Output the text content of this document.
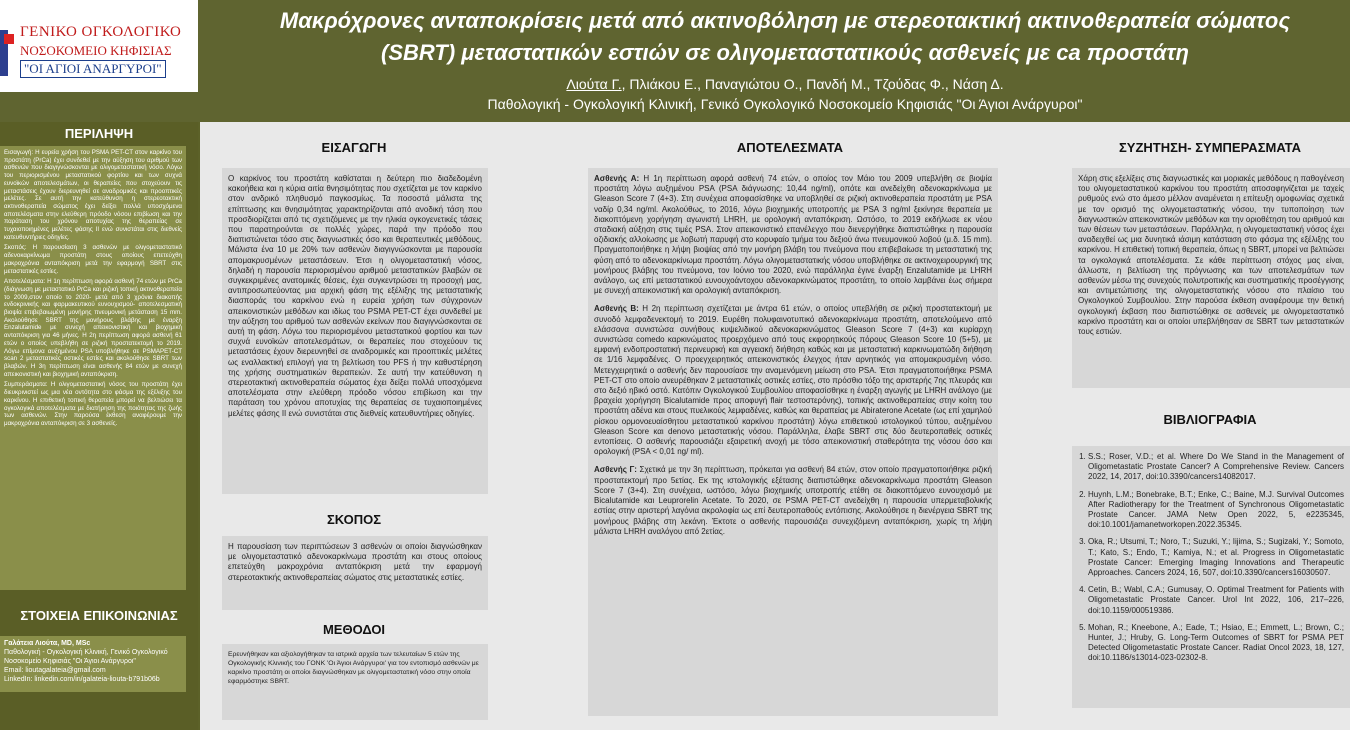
ΓΕΝΙΚΟ ΟΓΚΟΛΟΓΙΚΟ
ΝΟΣΟΚΟΜΕΙΟ ΚΗΦΙΣΙΑΣ
"ΟΙ ΑΓΙΟΙ ΑΝΑΡΓΥΡΟΙ"
Μακρόχρονες ανταποκρίσεις μετά από ακτινοβόληση με στερεοτακτική ακτινοθεραπεία σώματος
(SBRT) μεταστατικών εστιών σε ολιγομεταστατικούς ασθενείς με ca προστάτη
Λιούτα Γ., Πλιάκου Ε., Παναγιώτου Ο., Πανδή Μ., Τζούδας Φ., Νάση Δ.
Παθολογική - Ογκολογική Κλινική, Γενικό Ογκολογικό Νοσοκομείο Κηφισιάς "Οι Άγιοι Ανάργυροι"
ΠΕΡΙΛΗΨΗ

Εισαγωγή: Η ευρεία χρήση του PSMA PET-CT στον καρκίνο του προστάτη (PrCa) έχει συνδεθεί με την αύξηση του αριθμού των ασθενών που διαγιγνώσκονται με ολιγομεταστατική νόσο. Λόγω του περιορισμένου μεταστατικού φορτίου και των συχνά ευνοϊκών αποτελεσμάτων, οι θεραπείες που στοχεύουν τις μεταστάσεις έχουν διερευνηθεί σε αναδρομικές και προοπτικές μελέτες. Σε αυτή την κατεύθυνση η στερεοτακτική ακτινοθεραπεία σώματος έχει δείξει πολλά υποσχόμενα αποτελέσματα στην ελεύθερη πρόοδο νόσου επιβίωση και την παράταση του χρόνου αποτυχίας της θεραπείας σε τυχαιοποιημένες μελέτες φάσης II ενώ συνιστάται στις διεθνείς κατευθυντήριες οδηγίες.

Σκοπός: Η παρουσίαση 3 ασθενών με ολιγομεταστατικό αδενοκαρκίνωμα προστάτη στους οποίους επετεύχθη μακροχρόνια ανταπόκριση μετά την εφαρμογή SBRT στις μεταστατικές εστίες.

Αποτελέσματα: Η 1η περίπτωση αφορά ασθενή 74 ετών με PrCa (διάγνωση με μεταστατικό PrCa και ριζική τοπική ακτινοθεραπεία το 2009,στον οποίο το 2020- μετά από 3 χρόνια διακοπής ενδοκρινικής και φαρμακευτικού ευνουχισμού- αποτελεσματική βιοψία επιβεβαιωμένη μονήρης πνευμονική μετάσταση 15 mm. Ακολούθησε SBRT της μονήρους βλάβης με έναρξη Enzalutamide με συνεχή απεικονιστική και βιοχημική ανταπόκριση για 46 μήνες. Η 2η περίπτωση αφορά ασθενή 61 ετών ο οποίος υπεβλήθη σε ριζική προστατεκτομή το 2019. Λόγω επίμονα αυξημένου PSA υποβλήθηκε σε PSMAPET-CT scan 2 μεταστατικές οστικές εστίες και ακολούθησε SBRT των βλαβών. Η 3η περίπτωση είναι ασθενής 84 ετών με συνεχή απεικονιστική και βιοχημική ανταπόκριση.

Συμπεράσματα: Η ολιγομεταστατική νόσος του προστάτη έχει διευκρινιστεί ως μια νέα οντότητα στο φάσμα της εξέλιξης του καρκίνου. Η επιθετική τοπική θεραπεία μπορεί να βελτιώσει τα ογκολογικά αποτελέσματα με διατήρηση της ποιότητας της ζωής των ασθενών. Στην παρούσα έκθεση αναφέρουμε την μακροχρόνια ανταπόκριση σε 3 ασθενείς.

ΣΤΟΙΧΕΙΑ ΕΠΙΚΟΙΝΩΝΙΑΣ
Γαλάτεια Λιούτα, MD, MSc
Παθολογική - Ογκολογική Κλινική, Γενικό Ογκολογικό Νοσοκομείο Κηφισιάς "Οι Άγιοι Ανάργυροι"
Email: lioutagalateia@gmail.com
LinkedIn: linkedin.com/in/galateia-liouta-b791b06b
ΕΙΣΑΓΩΓΗ
Ο καρκίνος του προστάτη καθίσταται η δεύτερη πιο διαδεδομένη κακοήθεια και η κύρια αιτία θνησιμότητας που σχετίζεται με τον καρκίνο στον ανδρικό πληθυσμό παγκοσμίως. Τα ποσοστά μάλιστα της επίπτωσης και θνησιμότητας χαρακτηρίζονται από ανοδική τάση που προσδιορίζεται από τις σχετιζόμενες με την ηλικία ογκογενετικές τάσεις που παρατηρούνται σε πολλές χώρες, παρά την πρόοδο που διαπιστώνεται τόσο στις διαγνωστικές όσο και θεραπευτικές μεθόδους. Μάλιστα ένα 10 με 20% των ασθενών διαγιγνώσκονται με παρουσία απομακρυσμένων μεταστάσεων. Έτσι η ολιγομεταστατική νόσος, δηλαδή η παρουσία περιορισμένου αριθμού μεταστατικών βλαβών σε συγκεκριμένες ανατομικές θέσεις, έχει συγκεντρώσει τη προσοχή μας, αντιπροσωπεύοντας μια αρχική φάση της εξέλιξης της μεταστατικής διασποράς του καρκίνου ενώ η ευρεία χρήση των σύγχρονων απεικονιστικών μεθόδων και ιδίως του PSMA PET-CT έχει συνδεθεί με την αύξηση του αριθμού των ασθενών εκείνων που διαγιγνώσκονται σε αυτή τη φάση. Λόγω του περιορισμένου μεταστατικού φορτίου και των συχνά ευνοϊκών αποτελεσμάτων, οι θεραπείες που στοχεύουν τις μεταστάσεις έχουν διερευνηθεί σε αναδρομικές και προοπτικές μελέτες ως εναλλακτική επιλογή για τη βελτίωση του PFS ή την καθυστέρηση της χρήσης συστηματικών θεραπειών. Σε αυτή την κατεύθυνση η στερεοτακτική ακτινοθεραπεία σώματος έχει δείξει πολλά υποσχόμενα αποτελέσματα στην ελεύθερη πρόοδο νόσου επιβίωση και την παράταση του χρόνου αποτυχίας της θεραπείας σε τυχαιοποιημένες μελέτες φάσης II ενώ συνιστάται στις διεθνείς κατευθυντήριες οδηγίες.
ΣΚΟΠΟΣ
Η παρουσίαση των περιπτώσεων 3 ασθενών οι οποίοι διαγνώσθηκαν με ολιγομεταστατικό αδενοκαρκίνωμα προστάτη και στους οποίους επετεύχθη μακροχρόνια ανταπόκριση μετά την εφαρμογή στερεοτακτικής ακτινοθεραπείας σώματος στις μεταστατικές εστίες.
ΜΕΘΟΔΟΙ
Ερευνήθηκαν και αξιολογήθηκαν τα ιατρικά αρχεία των τελευταίων 5 ετών της Ογκολογικής Κλινικής του ΓΟΝΚ 'Οι Άγιοι Ανάργυροι' για τον εντοπισμό ασθενών με καρκίνο προστάτη οι οποίοι διαγνώσθηκαν με ολιγομεταστατική νόσο στην οποία εφαρμόστηκε SBRT.
ΑΠΟΤΕΛΕΣΜΑΤΑ

Ασθενής Α: Η 1η περίπτωση αφορά ασθενή 74 ετών, ο οποίος τον Μάιο του 2009 υπεβλήθη σε βιοψία προστάτη λόγω αυξημένου PSA (PSA διάγνωσης: 10,44 ng/ml), οπότε και ανεδείχθη αδενοκαρκίνωμα με Gleason Score 7 (4+3). Στη συνέχεια αποφασίσθηκε να υποβληθεί σε ριζική ακτινοθεραπεία προστάτη με PSA ναδίρ 0,34 ng/ml. Ακολούθως, το 2016, λόγω βιοχημικής υποτροπής με PSA 3 ng/ml ξεκίνησε θεραπεία με διακοπτόμενη χορήγηση αγωνιστή LHRH, με ορολογική ανταπόκριση. Ωστόσο, το 2019 εκδήλωσε εκ νέου σταδιακή αύξηση στις τιμές PSA. Στον απεικονιστικό επανέλεγχο που διενεργήθηκε διαπιστώθηκε η παρουσία οζιδιακής αλλοίωσης με λοβωτή παρυφή στο κορυφαίο τμήμα του δεξιού άνω πνευμονικού λοβού (μ.δ. 15 mm). Πραγματοποιήθηκε η λήψη βιοψίας από την μονήρη βλάβη του πνεύμονα που επιβεβαίωσε τη μεταστατική της φύση από το αδενοκαρκίνωμα προστάτη. Λόγω ολιγομεταστατικής νόσου υποβλήθηκε σε ακτινοχειρουργική της μονήρους βλάβης του πνεύμονα, τον Ιούνιο του 2020, ενώ παράλληλα έγινε έναρξη Enzalutamide με LHRH ανάλογο, ως επί μεταστατικού ευνουχοάντοχου αδενοκαρκινώματος προστάτη, το οποίο λαμβάνει έως σήμερα με συνεχή απεικονιστική και ορολογική ανταπόκριση.

Ασθενής Β: Η 2η περίπτωση σχετίζεται με άντρα 61 ετών, ο οποίος υπεβλήθη σε ριζική προστατεκτομή με συνοδό λεμφαδενεκτομή το 2019. Ευρέθη πολυφαινοτυπικό αδενοκαρκίνωμα προστάτη, αποτελούμενο από ελάσσονα συνιστώσα συνήθους κυψελιδικού αδενοκαρκινώματος Gleason Score 7 (4+3) και κυρίαρχη συνιστώσα comedo καρκινώματος προερχόμενο από τους εκφορητικούς πόρους Gleason Score 10 (5+5), με εμφανή ενδοπροστατική περινευρική και αγγειακή διήθηση καθώς και με μεταστατική καρκινωματώδη διήθηση σε 1/16 λεμφαδένες. Ο προεγχειρητικός απεικονιστικός έλεγχος ήταν αρνητικός για απομακρυσμένη νόσο. Μετεγχειρητικά ο ασθενής δεν παρουσίασε την αναμενόμενη μείωση στο PSA. Έτσι πραγματοποιήθηκε PSMA PET-CT στο οποίο ανευρέθηκαν 2 μεταστατικές οστικές εστίες, στο πρόσθιο τόξο της αριστερής 7ης πλευράς και στο δεξιό ηβικό οστό. Κατόπιν Ογκολογικού Συμβουλίου αποφασίσθηκε η έναρξη αγωγής με LHRH ανάλογο (με βραχεία χορήγηση Bicalutamide προς αποφυγή flair τεστοστερόνης), τοπικής ακτινοθεραπείας στην κοίτη του προστάτη αδένα και στους πυελικούς λεμφαδένες, καθώς και θεραπείας με Abiraterone Acetate (ως επί χαμηλού ρίσκου ορμονοευαίσθητου μεταστατικού καρκίνου προστάτη) λόγω επιθετικού ιστολογικού τύπου, αυξημένου Gleason Score και denovo μεταστατικής νόσου. Παράλληλα, έλαβε SBRT στις δύο δευτεροπαθείς οστικές εντοπίσεις. Ο ασθενής παρουσιάζει εξαιρετική ανοχή με τόσο απεικονιστική σταθερότητα της νόσου όσο και ορολογική (PSA < 0,01 ng/ ml).

Ασθενής Γ: Σχετικά με την 3η περίπτωση, πρόκειται για ασθενή 84 ετών, στον οποίο πραγματοποιήθηκε ριζική προστατεκτομή προ 5ετίας. Εκ της ιστολογικής εξέτασης διαπιστώθηκε αδενοκαρκίνωμα προστάτη Gleason Score 7 (3+4). Στη συνέχεια, ωστόσο, λόγω βιοχημικής υποτροπής ετέθη σε διακοπτόμενο ευνουχισμό με Bicalutamide και Leuprorelin Acetate. Το 2020, σε PSMA PET-CT ανεδείχθη η παρουσία υπερμεταβολικής εστίας στην αριστερή λαγόνια ακρολοφία ως επί δευτεροπαθούς εντόπισης. Ακολούθησε η διενέργεια SBRT της μονήρους βλάβης στη λεκάνη. Έκτοτε ο ασθενής παρουσιάζει συνεχιζόμενη ανταπόκριση, χωρίς τη λήψη μάλιστα LHRH αναλόγου από 2ετίας.

ΣΥΖΗΤΗΣΗ- ΣΥΜΠΕΡΑΣΜΑΤΑ
Χάρη στις εξελίξεις στις διαγνωστικές και μοριακές μεθόδους η παθογένεση του ολιγομεταστατικού καρκίνου του προστάτη αποσαφηνίζεται με ταχείς ρυθμούς ενώ στο άμεσο μέλλον αναμένεται η επίτευξη ομοφωνίας σχετικά με τον ορισμό της ολιγομεταστατικής νόσου, την τυποποίηση των διαγνωστικών απεικονιστικών μεθόδων και την οριοθέτηση του αριθμού και των θέσεων των μεταστάσεων. Παράλληλα, η ολιγομεταστατική νόσος έχει αναδειχθεί ως μια δυνητικά ιάσιμη κατάσταση στο φάσμα της εξέλιξης του καρκίνου. Η επιθετική τοπική θεραπεία, όπως η SBRT, μπορεί να βελτιώσει τα ογκολογικά αποτελέσματα. Σε κάθε περίπτωση στόχος μας είναι, άλλωστε, η βελτίωση της πρόγνωσης και των αποτελεσμάτων των ασθενών μέσω της συνεχούς πολυτροπικής και συστηματικής προσέγγισης και αντιμετώπισης της ολιγομεταστατικής νόσου στο πλαίσιο του Ογκολογικού Συμβουλίου. Στην παρούσα έκθεση αναφέρουμε την θετική ογκολογική έκβαση που διαπιστώθηκε σε ασθενείς με ολιγομεταστατικό καρκίνο προστάτη και οι οποίοι υπεβλήθησαν σε SBRT των μεταστατικών τους εστιών.
ΒΙΒΛΙΟΓΡΑΦΙΑ
1. S.S.; Roser, V.D.; et al. Where Do We Stand in the Management of Oligometastatic Prostate Cancer? A Comprehensive Review. Cancers 2022, 14, 2017, doi:10.3390/cancers14082017.
2. Huynh, L.M.; Bonebrake, B.T.; Enke, C.; Baine, M.J. Survival Outcomes After Radiotherapy for the Treatment of Synchronous Oligometastatic Prostate Cancer. JAMA Netw Open 2022, 5, e2235345, doi:10.1001/jamanetworkopen.2022.35345.
3. Oka, R.; Utsumi, T.; Noro, T.; Suzuki, Y.; Iijima, S.; Sugizaki, Y.; Somoto, T.; Kato, S.; Endo, T.; Kamiya, N.; et al. Progress in Oligometastatic Prostate Cancer: Emerging Imaging Innovations and Therapeutic Approaches. Cancers 2024, 16, 507, doi:10.3390/cancers16030507.
4. Cetin, B.; Wabl, C.A.; Gumusay, O. Optimal Treatment for Patients with Oligometastatic Prostate Cancer. Urol Int 2022, 106, 217–226, doi:10.1159/000519386.
5. Mohan, R.; Kneebone, A.; Eade, T.; Hsiao, E.; Emmett, L.; Brown, C.; Hunter, J.; Hruby, G. Long-Term Outcomes of SBRT for PSMA PET Detected Oligometastatic Prostate Cancer. Radiat Oncol 2023, 18, 127, doi:10.1186/s13014-023-02302-8.
